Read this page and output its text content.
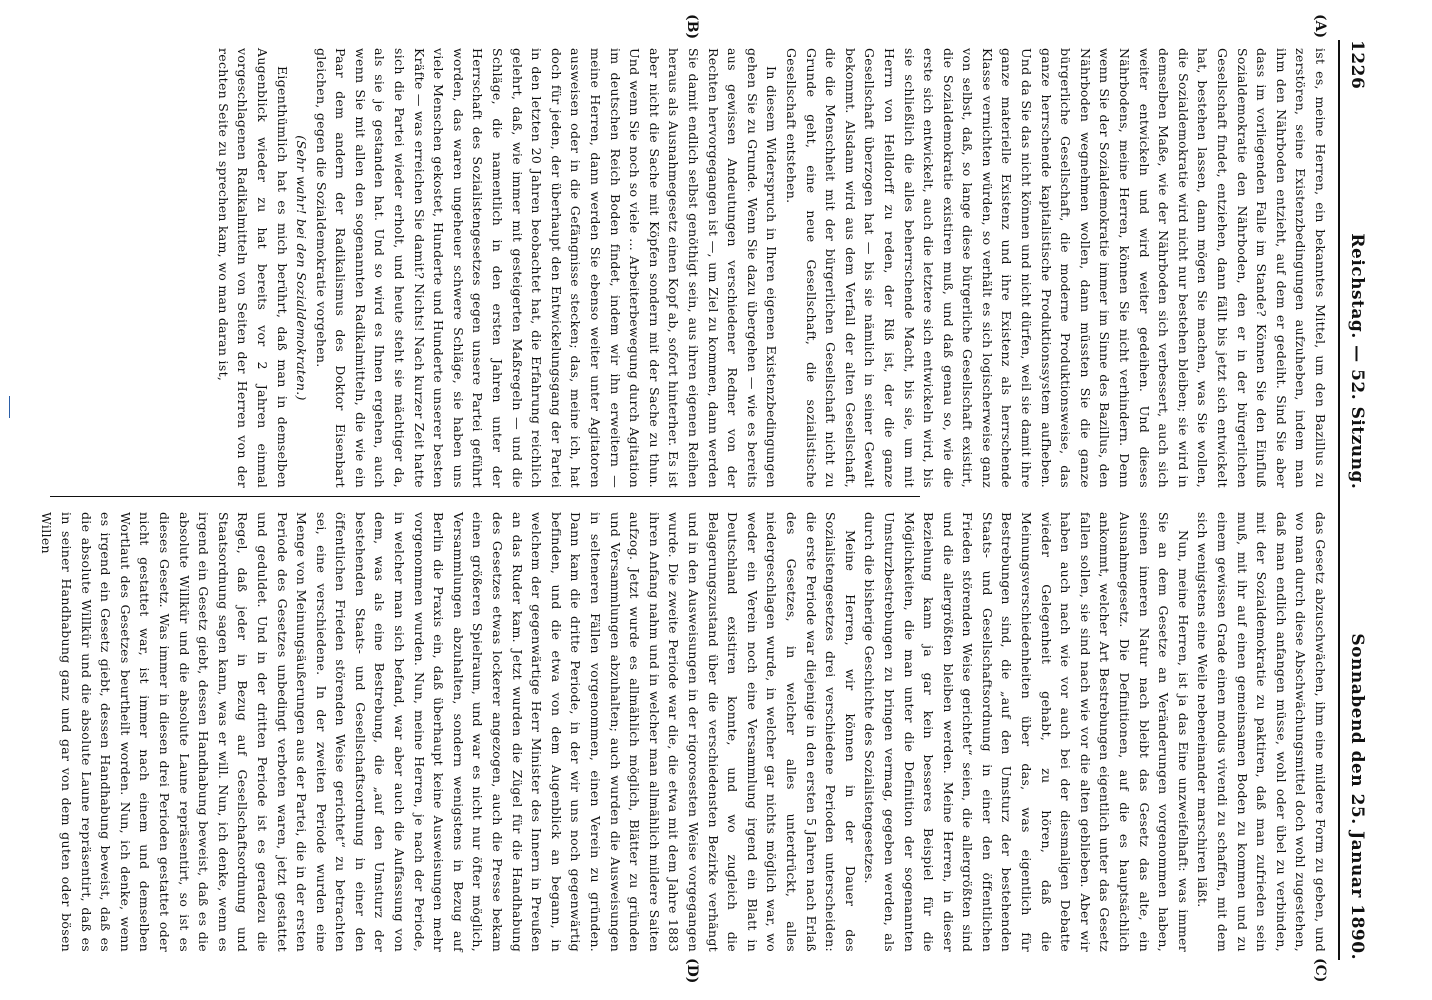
1226
Reichstag. — 52. Sitzung.
Sonnabend den 25. Januar 1890.
(A)
(B)
(C)
(D)

ist es, meine Herren, ein bekanntes Mittel, um den Bazillus zu zerstören, seine Existenzbedingungen aufzuheben, indem man ihm den Nährboden entzieht, auf dem er gedeiht. Sind Sie aber dass im vorliegenden Falle im Stande? Können Sie den Einfluß Sozialdemokratie den Nährboden, den er in der bürgerlichen Gesellschaft findet, entziehen, dann fällt bis jetzt sich entwickelt hat, bestehen lassen, dann mögen Sie machen, was Sie wollen, die Sozialdemokratie wird nicht nur bestehen bleiben; sie wird in demselben Maße, wie der Nährboden sich verbessert, auch sich weiter entwickeln und wird weiter gedeihen. Und dieses Nährbodens, meine Herren, können Sie nicht verhindern. Denn wenn Sie der Sozialdemokratie immer im Sinne des Bazillus, den Nährboden wegnehmen wollen, dann müssten Sie die ganze bürgerliche Gesellschaft, die moderne Produktionsweise, das ganze herrschende kapitalistische Produktionssystem aufheben. Und da Sie das nicht können und nicht dürfen, weil sie damit ihre ganze materielle Existenz und ihre Existenz als herrschende Klasse vernichten würden, so verhält es sich logischerweise ganz von selbst, daß, so lange diese bürgerliche Gesellschaft existirt, die Sozialdemokratie existiren muß, und daß genau so, wie die erste sich entwickelt, auch die letztere sich entwickeln wird, bis sie schließlich die alles beherrschende Macht, bis sie, um mit Herrn von Helldorff zu reden, der Riß ist, der die ganze Gesellschaft überzogen hat — bis sie nämlich in seiner Gewalt bekommt. Alsdann wird aus dem Verfall der alten Gesellschaft, die die Menschheit mit der bürgerlichen Gesellschaft nicht zu Grunde geht, eine neue Gesellschaft, die sozialistische Gesellschaft entstehen.

In diesem Widerspruch in Ihren eigenen Existenzbedingungen gehen Sie zu Grunde. Wenn Sie dazu übergehen — wie es bereits aus gewissen Andeutungen verschiedener Redner von der Rechten hervorgegangen ist —, um Ziel zu kommen, dann werden Sie damit endlich selbst genöthigt sein, aus ihren eigenen Reihen heraus als Ausnahmegesetz einen Kopf ab, sofort hinterher. Es ist aber nicht die Sache mit Köpfen sondern mit der Sache zu thun. Und wenn Sie noch so viele ... Arbeiterbewegung durch Agitation im deutschen Reich Boden findet, indem wir ihn erweitern — meine Herren, dann werden Sie ebenso weiter unter Agitatoren ausweisen oder in die Gefängnisse stecken; das, meine ich, hat doch für jeden, der überhaupt den Entwickelungsgang der Partei in den letzten 20 Jahren beobachtet hat, die Erfahrung reichlich gelehrt, daß, wie immer mit gesteigerten Maßregeln — und die Schläge, die namentlich in den ersten Jahren unter der Herrschaft des Sozialistengesetzes gegen unsere Partei geführt worden, das waren ungeheuer schwere Schläge, sie haben uns viele Menschen gekostet, Hunderte und Hunderte unserer besten Kräfte — was erreichen Sie damit? Nichts! Nach kurzer Zeit hatte sich die Partei wieder erholt, und heute steht sie mächtiger da, als sie je gestanden hat. Und so wird es Ihnen ergehen, auch wenn Sie mit allen den sogenannten Radikalmitteln, die wie ein Paar dem andern der Radikalismus des Doktor Eisenbart gleichen, gegen die Sozialdemokratie vorgehen.

(Sehr wahr! bei den Sozialdemokraten.)

Eigenthümlich hat es mich berührt, daß man in demselben Augenblick wieder zu hat bereits vor 2 Jahren einmal vorgeschlagenen Radikalmitteln von Seiten der Herren von der rechten Seite zu sprechen kam, wo man daran ist,

das Gesetz abzuschwächen, ihm eine mildere Form zu geben, und wo man durch diese Abschwächungsmittel doch wohl zugestehen, daß man endlich anfangen müsse, wohl oder übel zu verbinden, mit der Sozialdemokratie zu paktiren, daß man zufrieden sein muß, mit ihr auf einen gemeinsamen Boden zu kommen und zu einem gewissen Grade einen modus vivendi zu schaffen, mit dem sich wenigstens eine Weile nebeneinander marschiren läßt.

Nun, meine Herren, ist ja das Eine unzweifelhaft: was immer Sie an dem Gesetze an Veränderungen vorgenommen haben, seinen inneren Natur nach bleibt das Gesetz das alte, ein Ausnahmegesetz. Die Definitionen, auf die es hauptsächlich ankommt, welcher Art Bestrebungen eigentlich unter das Gesetz fallen sollen, sie sind nach wie vor die alten geblieben. Aber wir haben auch nach wie vor auch bei der diesmaligen Debatte wieder Gelegenheit gehabt, zu hören, daß die Meinungsverschiedenheiten über das, was eigentlich für Bestrebungen sind, die „auf den Umsturz der bestehenden Staats- und Gesellschaftsordnung in einer den öffentlichen Frieden störenden Weise gerichtet“ seien, die allergrößten sind und die allergrößten bleiben werden. Meine Herren, in dieser Beziehung kann ja gar kein besseres Beispiel für die Möglichkeiten, die man unter die Definition der sogenannten Umsturzbestrebungen zu bringen vermag, gegeben werden, als durch die bisherige Geschichte des Sozialistengesetzes.

Meine Herren, wir können in der Dauer des Sozialistengesetzes drei verschiedene Perioden unterscheiden: die erste Periode war diejenige in den ersten 5 Jahren nach Erlaß des Gesetzes, in welcher alles unterdrückt, alles niedergeschlagen wurde, in welcher gar nichts möglich war, wo weder ein Verein noch eine Versammlung irgend ein Blatt in Deutschland existiren konnte, und wo zugleich die Belagerungszustand über die verschiedensten Bezirke verhängt und in den Ausweisungen in der rigorosesten Weise vorgegangen wurde. Die zweite Periode war die, die etwa mit dem Jahre 1883 ihren Anfang nahm und in welcher man allmählich mildere Saiten aufzog. Jetzt wurde es allmählich möglich, Blätter zu gründen und Versammlungen abzuhalten; auch wurden die Ausweisungen in selteneren Fällen vorgenommen, einen Verein zu gründen. Dann kam die dritte Periode, in der wir uns noch gegenwärtig befinden, und die etwa von dem Augenblick an begann, in welchem der gegenwärtige Herr Minister des Innern in Preußen an das Ruder kam. Jetzt wurden die Zügel für die Handhabung des Gesetzes etwas lockerer angezogen, auch die Presse bekam einen größeren Spielraum, und war es nicht nur öfter möglich, Versammlungen abzuhalten, sondern wenigstens in Bezug auf Berlin die Praxis ein, daß überhaupt keine Ausweisungen mehr vorgenommen wurden. Nun, meine Herren, je nach der Periode, in welcher man sich befand, war aber auch die Auffassung von dem, was als eine Bestrebung, die „auf den Umsturz der bestehenden Staats- und Gesellschaftsordnung in einer den öffentlichen Frieden störenden Weise gerichtet“ zu betrachten sei, eine verschiedene. In der zweiten Periode wurden eine Menge von Meinungsäußerungen aus der Partei, die in der ersten Periode des Gesetzes unbedingt verboten waren, jetzt gestattet und geduldet. Und in der dritten Periode ist es geradezu die Regel, daß jeder in Bezug auf Gesellschaftsordnung und Staatsordnung sagen kann, was er will. Nun, ich denke, wenn es irgend ein Gesetz giebt, dessen Handhabung beweist, daß es die absolute Willkür und die absolute Laune repräsentirt, so ist es dieses Gesetz. Was immer in diesen drei Perioden gestattet oder nicht gestattet war, ist immer nach einem und demselben Wortlaut des Gesetzes beurtheilt worden. Nun, ich denke, wenn es irgend ein Gesetz giebt, dessen Handhabung beweist, daß es die absolute Willkür und die absolute Laune repräsentirt, daß es in seiner Handhabung ganz und gar von dem guten oder bösen Willen
